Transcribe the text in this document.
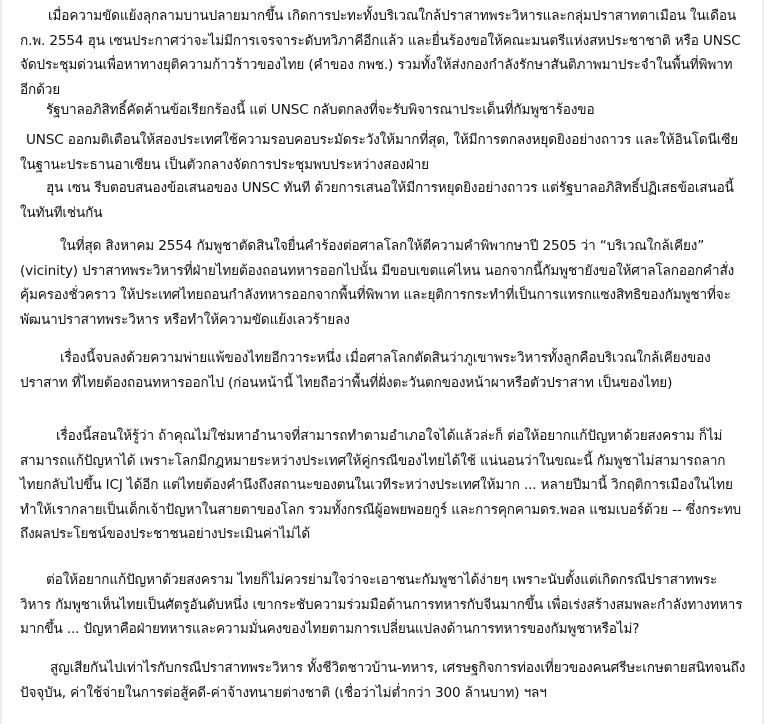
เมื่อความขัดแย้งลุกลามบานปลายมากขึ้น เกิดการปะทะทั้งบริเวณใกล้ปราสาทพระวิหารและกลุ่มปราสาทตาเมือน ในเดือน ก.พ. 2554 ฮุน เซนประกาศว่าจะไม่มีการเจรจาระดับทวิภาคีอีกแล้ว และยื่นร้องขอให้คณะมนตรีแห่งสหประชาชาติ หรือ UNSC จัดประชุมด่วนเพื่อหาทางยุติความก้าวร้าวของไทย (คำของ กพช.) รวมทั้งให้ส่งกองกำลังรักษาสันติภาพมาประจำในพื้นที่พิพาทอีกด้วย

รัฐบาลอภิสิทธิ์คัดค้านข้อเรียกร้องนี้ แต่ UNSC กลับตกลงที่จะรับพิจารณาประเด็นที่กัมพูชาร้องขอ

UNSC ออกมติเตือนให้สองประเทศใช้ความรอบคอบระมัดระวังให้มากที่สุด, ให้มีการตกลงหยุดยิงอย่างถาวร และให้อินโดนีเซีย ในฐานะประธานอาเซียน เป็นตัวกลางจัดการประชุมพบประหว่างสองฝ่าย

ฮุน เซน รีบตอบสนองข้อเสนอของ UNSC ทันที ด้วยการเสนอให้มีการหยุดยิงอย่างถาวร แต่รัฐบาลอภิสิทธิ์ปฏิเสธข้อเสนอนี้ในทันทีเช่นกัน

ในที่สุด สิงหาคม 2554 กัมพูชาตัดสินใจยื่นคำร้องต่อศาลโลกให้ตีความคำพิพากษาปี 2505 ว่า “บริเวณใกล้เคียง” (vicinity) ปราสาทพระวิหารที่ฝ่ายไทยต้องถอนทหารออกไปนั้น มีขอบเขตแค่ไหน นอกจากนี้กัมพูชายังขอให้ศาลโลกออกคำสั่งคุ้มครองชั่วคราว ให้ประเทศไทยถอนกำลังทหารออกจากพื้นที่พิพาท และยุติการกระทำที่เป็นการแทรกแซงสิทธิของกัมพูชาที่จะพัฒนาปราสาทพระวิหาร หรือทำให้ความขัดแย้งเลวร้ายลง

เรื่องนี้จบลงด้วยความพ่ายแพ้ของไทยอีกวาระหนึ่ง เมื่อศาลโลกตัดสินว่าภูเขาพระวิหารทั้งลูกคือบริเวณใกล้เคียงของปราสาท ที่ไทยต้องถอนทหารออกไป (ก่อนหน้านี้ ไทยถือว่าพื้นที่ฝั่งตะวันตกของหน้าผาหรือตัวปราสาท เป็นของไทย)

เรื่องนี้สอนให้รู้ว่า ถ้าคุณไม่ใช่มหาอำนาจที่สามารถทำตามอำเภอใจได้แล้วล่ะก็ ต่อให้อยากแก้ปัญหาด้วยสงคราม ก็ไม่สามารถแก้ปัญหาได้ เพราะโลกมีกฎหมายระหว่างประเทศให้คู่กรณีของไทยได้ใช้ แน่นอนว่าในขณะนี้ กัมพูชาไม่สามารถลากไทยกลับไปขึ้น ICJ ได้อีก แต่ไทยต้องคำนึงถึงสถานะของตนในเวทีระหว่างประเทศให้มาก ... หลายปีมานี้ วิกฤติการเมืองในไทยทำให้เรากลายเป็นเด็กเจ้าปัญหาในสายตาของโลก รวมทั้งกรณีผู้อพยพอยกูร์ และการคุกคามดร.พอล แชมเบอร์ด้วย -- ซึ่งกระทบถึงผลประโยชน์ของประชาชนอย่างประเมินค่าไม่ได้

ต่อให้อยากแก้ปัญหาด้วยสงคราม ไทยก็ไม่ควรย่ามใจว่าจะเอาชนะกัมพูชาได้ง่ายๆ เพราะนับตั้งแต่เกิดกรณีปราสาทพระวิหาร กัมพูชาเห็นไทยเป็นศัตรูอันดับหนึ่ง เขากระชับความร่วมมือด้านการทหารกับจีนมากขึ้น เพื่อเร่งสร้างสมพละกำลังทางทหารมากขึ้น ... ปัญหาคือฝ่ายทหารและความมั่นคงของไทยตามการเปลี่ยนแปลงด้านการทหารของกัมพูชาหรือไม่?

สูญเสียกันไปเท่าไรกับกรณีปราสาทพระวิหาร ทั้งชีวิตชาวบ้าน-ทหาร, เศรษฐกิจการท่องเที่ยวของคนศรีษะเกษตายสนิทจนถึงปัจจุบัน, ค่าใช้จ่ายในการต่อสู้คดี-ค่าจ้างทนายต่างชาติ (เชื่อว่าไม่ต่ำกว่า 300 ล้านบาท) ฯลฯ
